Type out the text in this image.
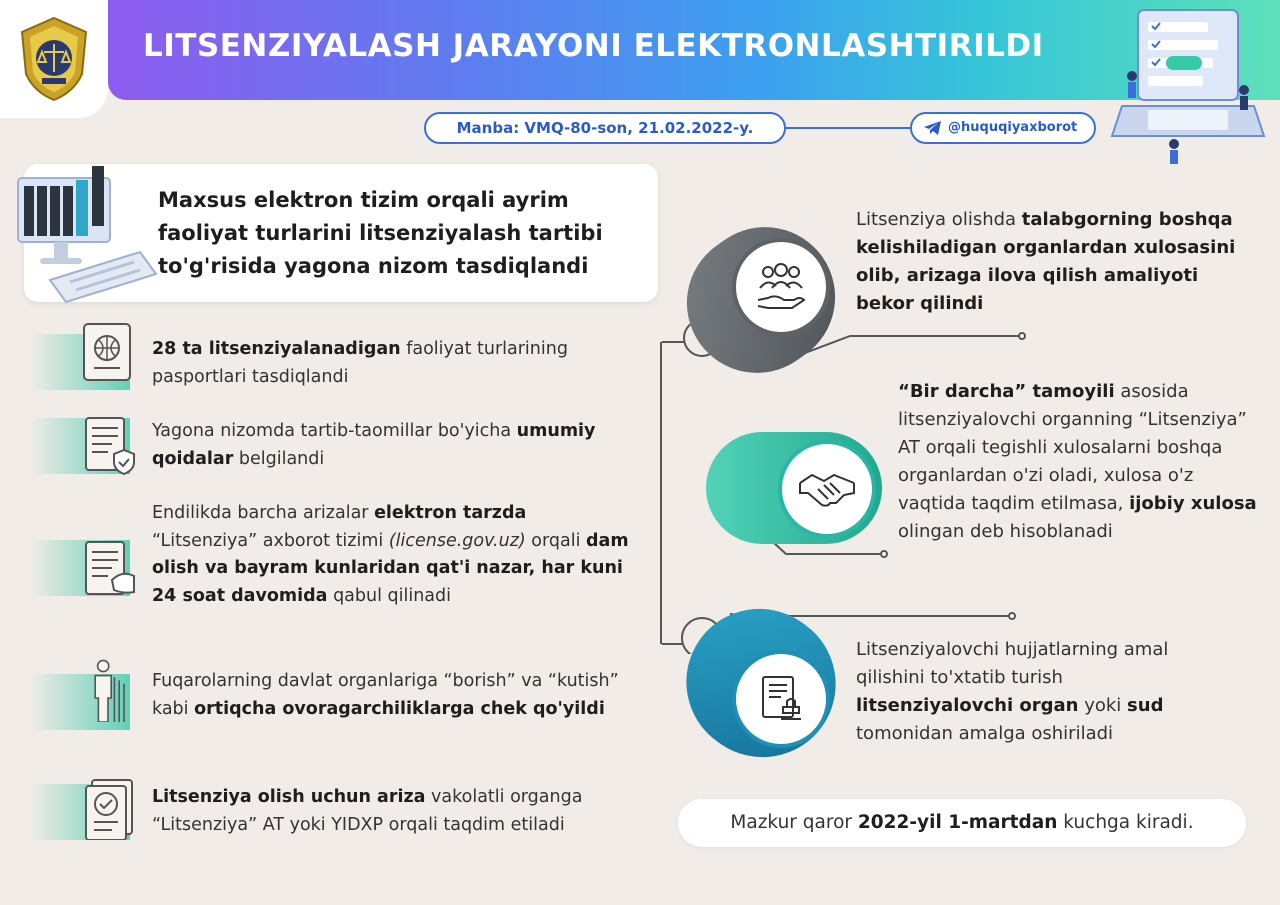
LITSENZIYALASH JARAYONI ELEKTRONLASHTIRILDI
Manba: VMQ-80-son, 21.02.2022-y.	@huquqiyaxborot
Maxsus elektron tizim orqali ayrim faoliyat turlarini litsenziyalash tartibi to'g'risida yagona nizom tasdiqlandi
28 ta litsenziyalanadigan faoliyat turlarining pasportlari tasdiqlandi
Yagona nizomda tartib-taomillar bo'yicha umumiy qoidalar belgilandi
Endilikda barcha arizalar elektron tarzda “Litsenziya” axborot tizimi (license.gov.uz) orqali dam olish va bayram kunlaridan qat'i nazar, har kuni 24 soat davomida qabul qilinadi
Fuqarolarning davlat organlariga “borish” va “kutish” kabi ortiqcha ovoragarchiliklarga chek qo'yildi
Litsenziya olish uchun ariza vakolatli organga “Litsenziya” AT yoki YIDXP orqali taqdim etiladi
Litsenziya olishda talabgorning boshqa kelishiladigan organlardan xulosasini olib, arizaga ilova qilish amaliyoti bekor qilindi
“Bir darcha” tamoyili asosida litsenziyalovchi organning “Litsenziya” AT orqali tegishli xulosalarni boshqa organlardan o'zi oladi, xulosa o'z vaqtida taqdim etilmasa, ijobiy xulosa olingan deb hisoblanadi
Litsenziyalovchi hujjatlarning amal qilishini to'xtatib turish litsenziyalovchi organ yoki sud tomonidan amalga oshiriladi
Mazkur qaror 2022-yil 1-martdan kuchga kiradi.
